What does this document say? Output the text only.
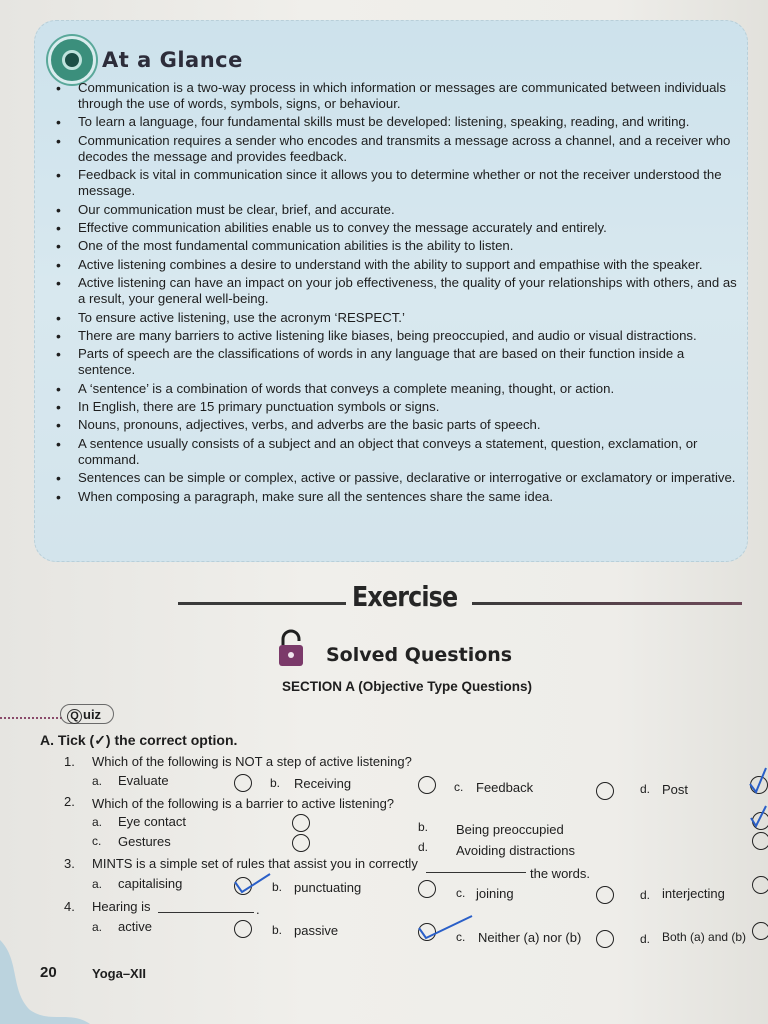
At a Glance
• Communication is a two-way process in which information or messages are communicated between individuals through the use of words, symbols, signs, or behaviour.
• To learn a language, four fundamental skills must be developed: listening, speaking, reading, and writing.
• Communication requires a sender who encodes and transmits a message across a channel, and a receiver who decodes the message and provides feedback.
• Feedback is vital in communication since it allows you to determine whether or not the receiver understood the message.
• Our communication must be clear, brief, and accurate.
• Effective communication abilities enable us to convey the message accurately and entirely.
• One of the most fundamental communication abilities is the ability to listen.
• Active listening combines a desire to understand with the ability to support and empathise with the speaker.
• Active listening can have an impact on your job effectiveness, the quality of your relationships with others, and as a result, your general well-being.
• To ensure active listening, use the acronym ‘RESPECT.’
• There are many barriers to active listening like biases, being preoccupied, and audio or visual distractions.
• Parts of speech are the classifications of words in any language that are based on their function inside a sentence.
• A ‘sentence’ is a combination of words that conveys a complete meaning, thought, or action.
• In English, there are 15 primary punctuation symbols or signs.
• Nouns, pronouns, adjectives, verbs, and adverbs are the basic parts of speech.
• A sentence usually consists of a subject and an object that conveys a statement, question, exclamation, or command.
• Sentences can be simple or complex, active or passive, declarative or interrogative or exclamatory or imperative.
• When composing a paragraph, make sure all the sentences share the same idea.
Exercise
Solved Questions
SECTION A (Objective Type Questions)
Q uiz
A. Tick (✓) the correct option.
1. Which of the following is NOT a step of active listening?
a. Evaluate	b. Receiving	c. Feedback	d. Post
2. Which of the following is a barrier to active listening?
a. Eye contact	b. Being preoccupied
c. Gestures	d. Avoiding distractions
3. MINTS is a simple set of rules that assist you in correctly
the words.
a. capitalising	b. punctuating	c. joining	d. interjecting
4. Hearing is	.
a. active	b. passive	c. Neither (a) nor (b)	d. Both (a) and (b)
20	Yoga–XII
